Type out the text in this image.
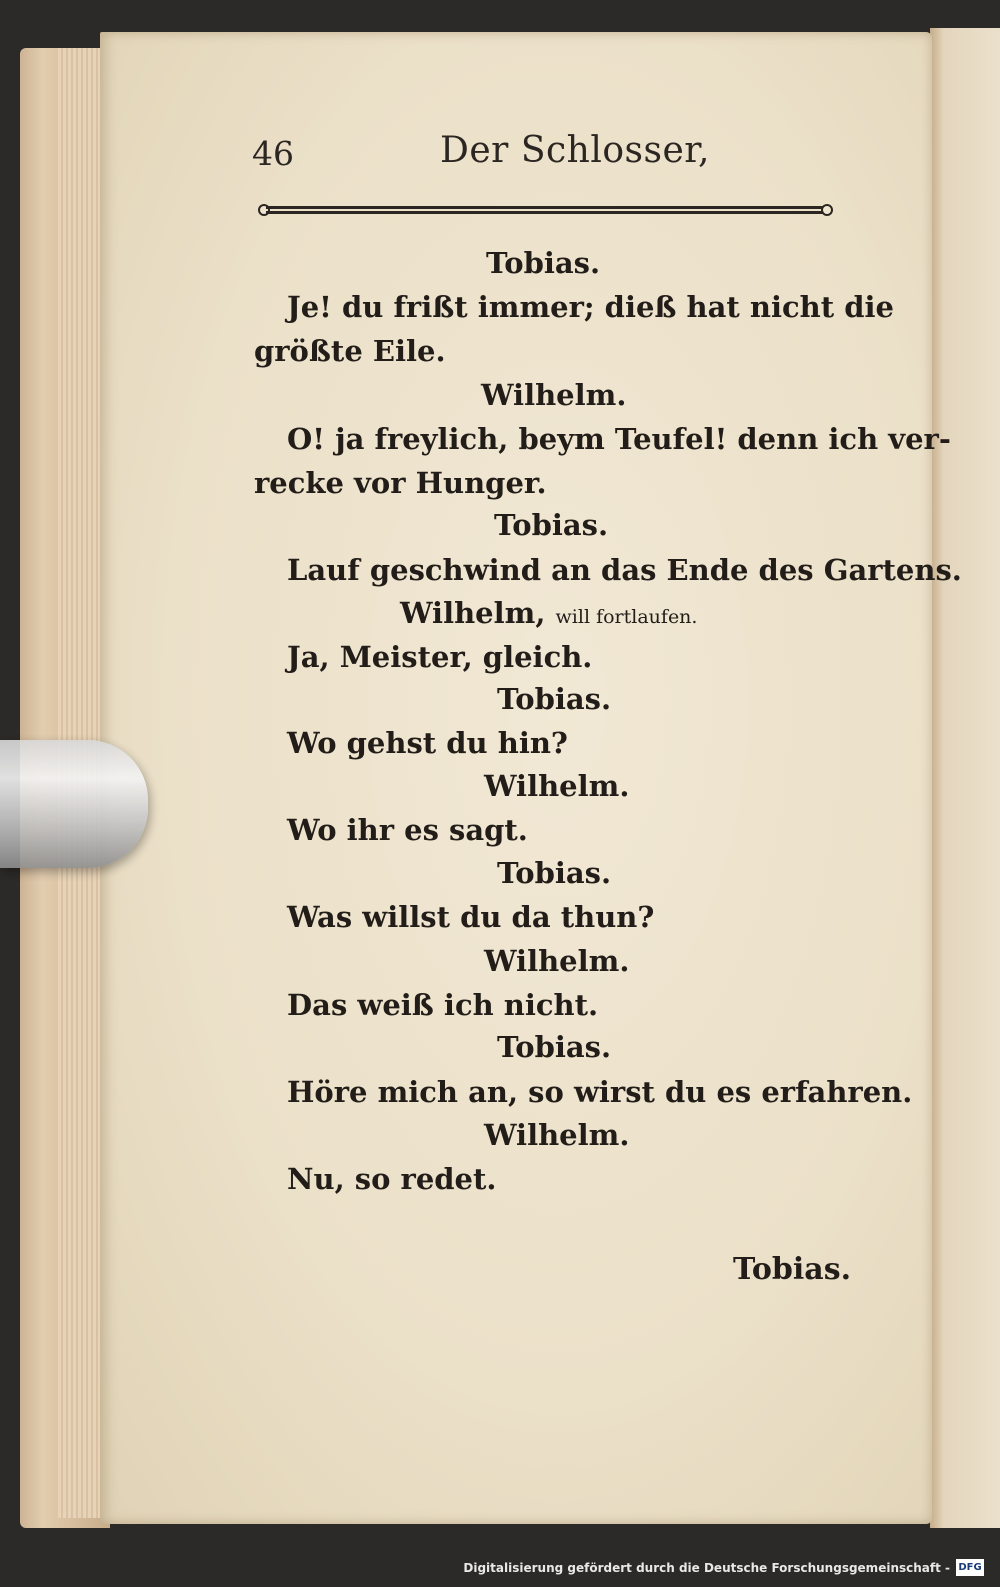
46	Der Schlosser,
Tobias.
Je! du frißt immer; dieß hat nicht die
größte Eile.
Wilhelm.
O! ja freylich, beym Teufel! denn ich ver-
recke vor Hunger.
Tobias.
Lauf geschwind an das Ende des Gartens.
Wilhelm, will fortlaufen.
Ja, Meister, gleich.
Tobias.
Wo gehst du hin?
Wilhelm.
Wo ihr es sagt.
Tobias.
Was willst du da thun?
Wilhelm.
Das weiß ich nicht.
Tobias.
Höre mich an, so wirst du es erfahren.
Wilhelm.
Nu, so redet.
Tobias.
Digitalisierung gefördert durch die Deutsche Forschungsgemeinschaft - DFG
